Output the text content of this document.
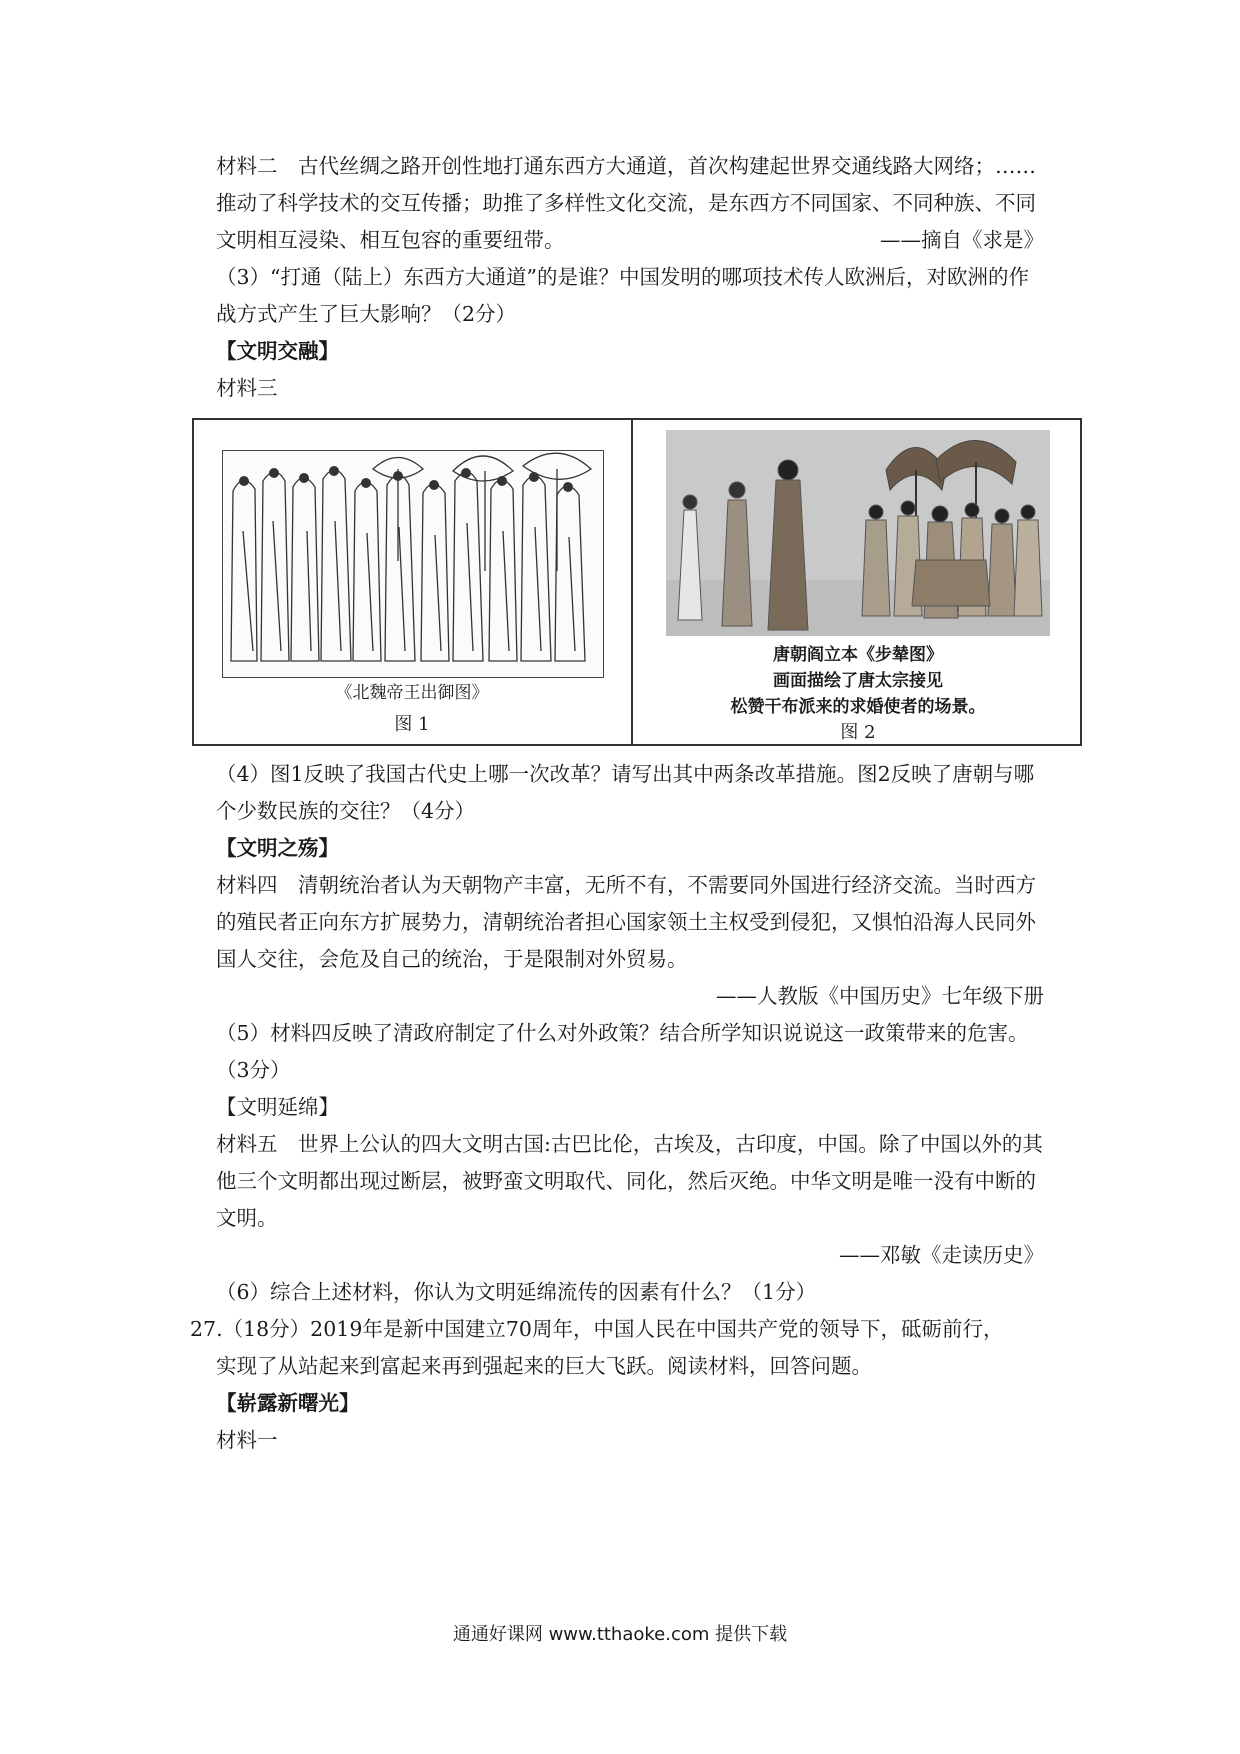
材料二　古代丝绸之路开创性地打通东西方大通道，首次构建起世界交通线路大网络；……推动了科学技术的交互传播；助推了多样性文化交流，是东西方不同国家、不同种族、不同文明相互浸染、相互包容的重要纽带。	——摘自《求是》

（3）“打通（陆上）东西方大通道”的是谁？中国发明的哪项技术传人欧洲后，对欧洲的作战方式产生了巨大影响？（2分）

【文明交融】

材料三

《北魏帝王出御图》
图 1
唐朝阎立本《步辇图》
画面描绘了唐太宗接见
松赞干布派来的求婚使者的场景。
图 2

（4）图1反映了我国古代史上哪一次改革？请写出其中两条改革措施。图2反映了唐朝与哪个少数民族的交往？（4分）

【文明之殇】

材料四　清朝统治者认为天朝物产丰富，无所不有，不需要同外国进行经济交流。当时西方的殖民者正向东方扩展势力，清朝统治者担心国家领土主权受到侵犯，又惧怕沿海人民同外国人交往，会危及自己的统治，于是限制对外贸易。

——人教版《中国历史》七年级下册

（5）材料四反映了清政府制定了什么对外政策？结合所学知识说说这一政策带来的危害。（3分）

【文明延绵】

材料五　世界上公认的四大文明古国:古巴比伦，古埃及，古印度，中国。除了中国以外的其他三个文明都出现过断层，被野蛮文明取代、同化，然后灭绝。中华文明是唯一没有中断的文明。

——邓敏《走读历史》

（6）综合上述材料，你认为文明延绵流传的因素有什么？（1分）

27.（18分）2019年是新中国建立70周年，中国人民在中国共产党的领导下，砥砺前行，
实现了从站起来到富起来再到强起来的巨大飞跃。阅读材料，回答问题。

【崭露新曙光】

材料一

通通好课网 www.tthaoke.com 提供下载
